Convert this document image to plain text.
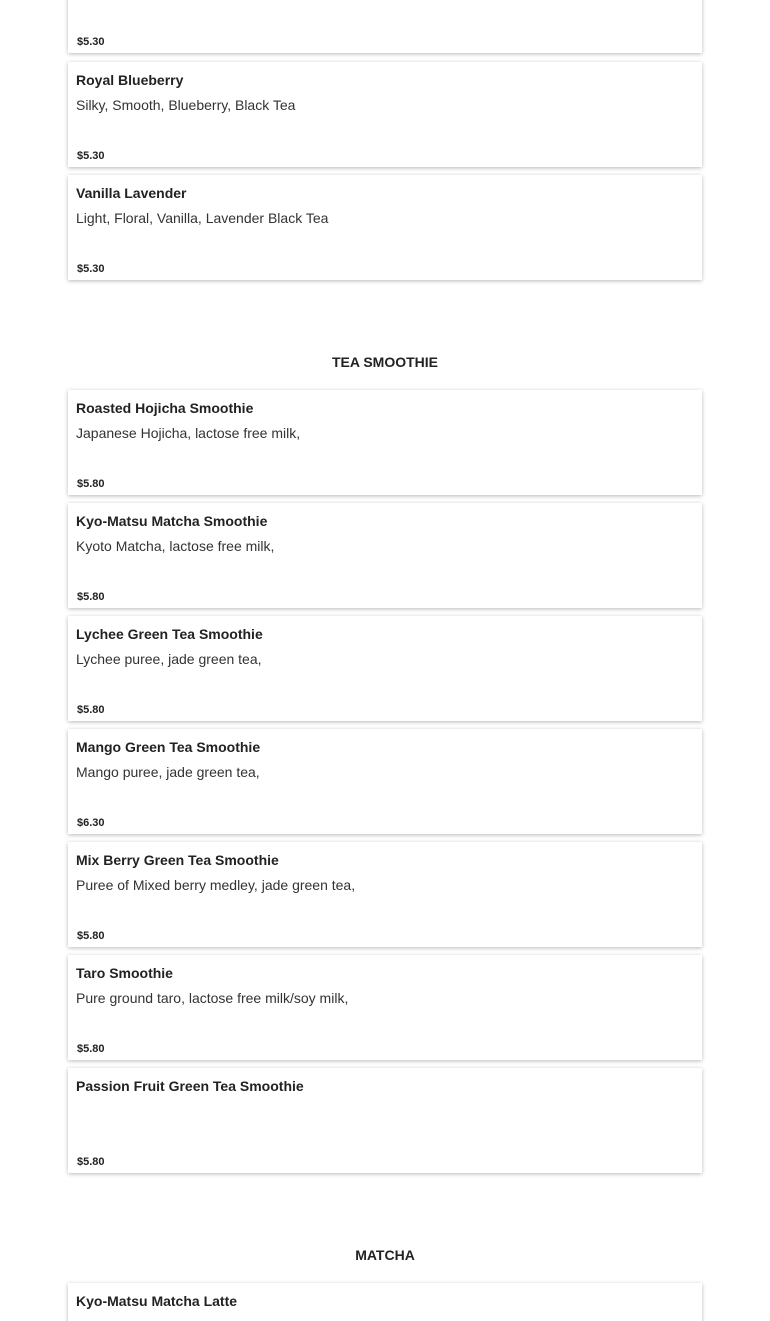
$5.30
Royal Blueberry
Silky, Smooth, Blueberry, Black Tea
$5.30
Vanilla Lavender
Light, Floral, Vanilla, Lavender Black Tea
$5.30
TEA SMOOTHIE
Roasted Hojicha Smoothie
Japanese Hojicha, lactose free milk,
$5.80
Kyo-Matsu Matcha Smoothie
Kyoto Matcha, lactose free milk,
$5.80
Lychee Green Tea Smoothie
Lychee puree, jade green tea,
$5.80
Mango Green Tea Smoothie
Mango puree, jade green tea,
$6.30
Mix Berry Green Tea Smoothie
Puree of Mixed berry medley, jade green tea,
$5.80
Taro Smoothie
Pure ground taro, lactose free milk/soy milk,
$5.80
Passion Fruit Green Tea Smoothie
$5.80
MATCHA
Kyo-Matsu Matcha Latte
